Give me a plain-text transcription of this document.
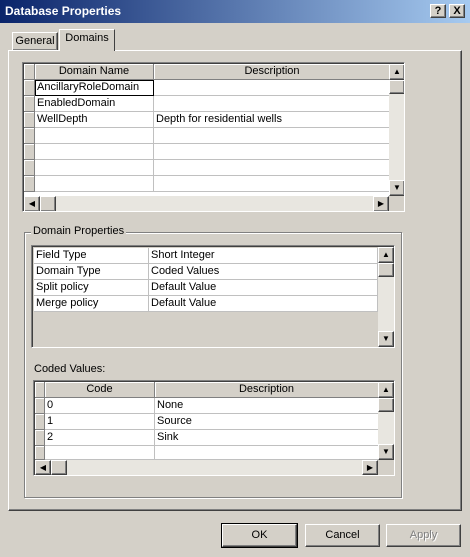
Database Properties	?	X
General Domains
Domain Name	Description
AncillaryRoleDomain
EnabledDomain
WellDepth	Depth for residential wells
▲
▼
◀	▶
Domain Properties
Field Type	Short Integer
Domain Type	Coded Values
Split policy	Default Value
Merge policy	Default Value
▲
▼
Coded Values:
Code	Description
0	None
1	Source
2	Sink
▲
▼
◀	▶
OK	Cancel	Apply
